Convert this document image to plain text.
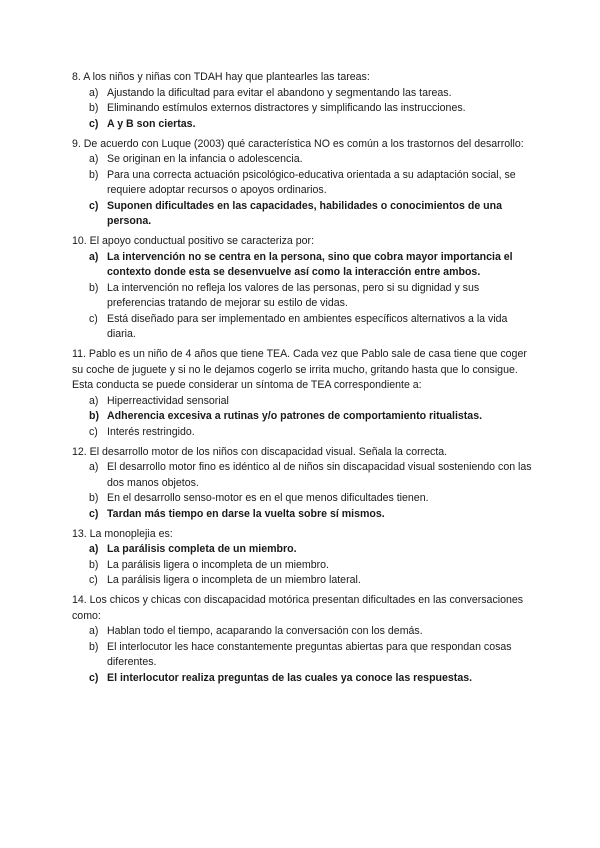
8. A los niños y niñas con TDAH hay que plantearles las tareas:

a) Ajustando la dificultad para evitar el abandono y segmentando las tareas.
b) Eliminando estímulos externos distractores y simplificando las instrucciones.
c) A y B son ciertas.

9. De acuerdo con Luque (2003) qué característica NO es común a los trastornos del desarrollo:

a) Se originan en la infancia o adolescencia.
b) Para una correcta actuación psicológico-educativa orientada a su adaptación social, se requiere adoptar recursos o apoyos ordinarios.
c) Suponen dificultades en las capacidades, habilidades o conocimientos de una persona.

10. El apoyo conductual positivo se caracteriza por:

a) La intervención no se centra en la persona, sino que cobra mayor importancia el contexto donde esta se desenvuelve así como la interacción entre ambos.
b) La intervención no refleja los valores de las personas, pero si su dignidad y sus preferencias tratando de mejorar su estilo de vidas.
c) Está diseñado para ser implementado en ambientes específicos alternativos a la vida diaria.

11. Pablo es un niño de 4 años que tiene TEA. Cada vez que Pablo sale de casa tiene que coger su coche de juguete y si no le dejamos cogerlo se irrita mucho, gritando hasta que lo consigue. Esta conducta se puede considerar un síntoma de TEA correspondiente a:

a) Hiperreactividad sensorial
b) Adherencia excesiva a rutinas y/o patrones de comportamiento ritualistas.
c) Interés restringido.

12. El desarrollo motor de los niños con discapacidad visual. Señala la correcta.

a) El desarrollo motor fino es idéntico al de niños sin discapacidad visual sosteniendo con las dos manos objetos.
b) En el desarrollo senso-motor es en el que menos dificultades tienen.
c) Tardan más tiempo en darse la vuelta sobre sí mismos.

13. La monoplejia es:

a) La parálisis completa de un miembro.
b) La parálisis ligera o incompleta de un miembro.
c) La parálisis ligera o incompleta de un miembro lateral.

14. Los chicos y chicas con discapacidad motórica presentan dificultades en las conversaciones como:

a) Hablan todo el tiempo, acaparando la conversación con los demás.
b) El interlocutor les hace constantemente preguntas abiertas para que respondan cosas diferentes.
c) El interlocutor realiza preguntas de las cuales ya conoce las respuestas.
